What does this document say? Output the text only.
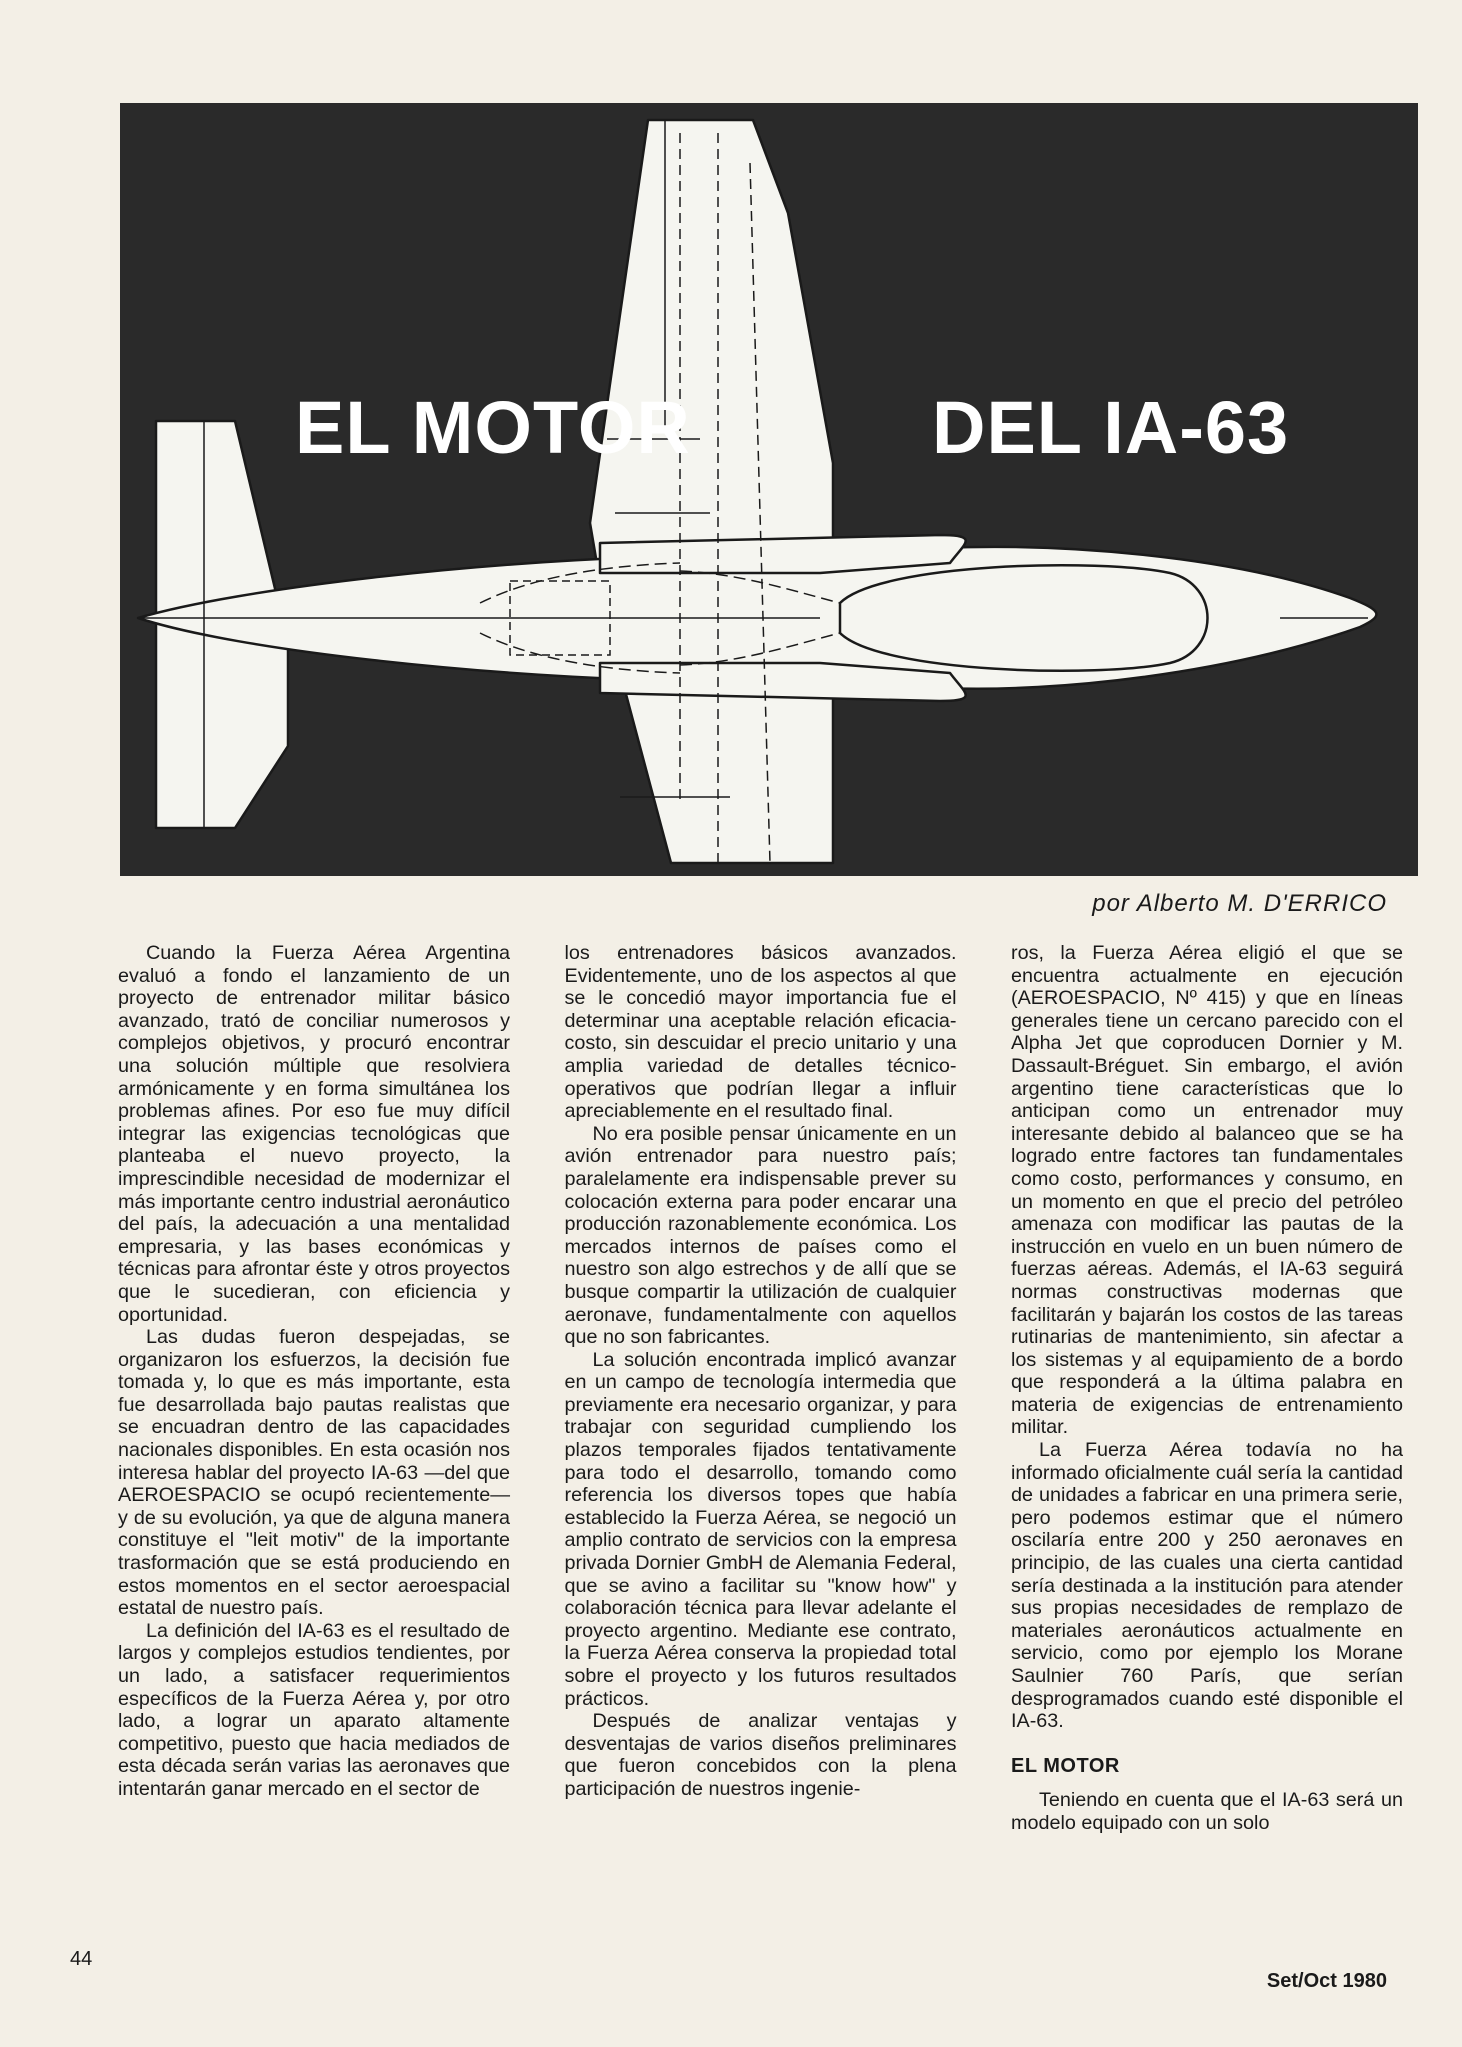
EL MOTOR	DEL IA-63
por Alberto M. D'ERRICO

Cuando la Fuerza Aérea Argentina evaluó a fondo el lanzamiento de un proyecto de entrenador militar básico avanzado, trató de conciliar numerosos y complejos objetivos, y procuró encontrar una solución múltiple que resolviera armónicamente y en forma simultánea los problemas afines. Por eso fue muy difícil integrar las exigencias tecnológicas que planteaba el nuevo proyecto, la imprescindible necesidad de modernizar el más importante centro industrial aeronáutico del país, la adecuación a una mentalidad empresaria, y las bases económicas y técnicas para afrontar éste y otros proyectos que le sucedieran, con eficiencia y oportunidad.

Las dudas fueron despejadas, se organizaron los esfuerzos, la decisión fue tomada y, lo que es más importante, esta fue desarrollada bajo pautas realistas que se encuadran dentro de las capacidades nacionales disponibles. En esta ocasión nos interesa hablar del proyecto IA-63 —del que AEROESPACIO se ocupó recientemente— y de su evolución, ya que de alguna manera constituye el "leit motiv" de la importante trasformación que se está produciendo en estos momentos en el sector aeroespacial estatal de nuestro país.

La definición del IA-63 es el resultado de largos y complejos estudios tendientes, por un lado, a satisfacer requerimientos específicos de la Fuerza Aérea y, por otro lado, a lograr un aparato altamente competitivo, puesto que hacia mediados de esta década serán varias las aeronaves que intentarán ganar mercado en el sector de

los entrenadores básicos avanzados. Evidentemente, uno de los aspectos al que se le concedió mayor importancia fue el determinar una aceptable relación eficacia-costo, sin descuidar el precio unitario y una amplia variedad de detalles técnico-operativos que podrían llegar a influir apreciablemente en el resultado final.

No era posible pensar únicamente en un avión entrenador para nuestro país; paralelamente era indispensable prever su colocación externa para poder encarar una producción razonablemente económica. Los mercados internos de países como el nuestro son algo estrechos y de allí que se busque compartir la utilización de cualquier aeronave, fundamentalmente con aquellos que no son fabricantes.

La solución encontrada implicó avanzar en un campo de tecnología intermedia que previamente era necesario organizar, y para trabajar con seguridad cumpliendo los plazos temporales fijados tentativamente para todo el desarrollo, tomando como referencia los diversos topes que había establecido la Fuerza Aérea, se negoció un amplio contrato de servicios con la empresa privada Dornier GmbH de Alemania Federal, que se avino a facilitar su "know how" y colaboración técnica para llevar adelante el proyecto argentino. Mediante ese contrato, la Fuerza Aérea conserva la propiedad total sobre el proyecto y los futuros resultados prácticos.

Después de analizar ventajas y desventajas de varios diseños preliminares que fueron concebidos con la plena participación de nuestros ingenie-

ros, la Fuerza Aérea eligió el que se encuentra actualmente en ejecución (AEROESPACIO, Nº 415) y que en líneas generales tiene un cercano parecido con el Alpha Jet que coproducen Dornier y M. Dassault-Bréguet. Sin embargo, el avión argentino tiene características que lo anticipan como un entrenador muy interesante debido al balanceo que se ha logrado entre factores tan fundamentales como costo, performances y consumo, en un momento en que el precio del petróleo amenaza con modificar las pautas de la instrucción en vuelo en un buen número de fuerzas aéreas. Además, el IA-63 seguirá normas constructivas modernas que facilitarán y bajarán los costos de las tareas rutinarias de mantenimiento, sin afectar a los sistemas y al equipamiento de a bordo que responderá a la última palabra en materia de exigencias de entrenamiento militar.

La Fuerza Aérea todavía no ha informado oficialmente cuál sería la cantidad de unidades a fabricar en una primera serie, pero podemos estimar que el número oscilaría entre 200 y 250 aeronaves en principio, de las cuales una cierta cantidad sería destinada a la institución para atender sus propias necesidades de remplazo de materiales aeronáuticos actualmente en servicio, como por ejemplo los Morane Saulnier 760 París, que serían desprogramados cuando esté disponible el IA-63.

EL MOTOR

Teniendo en cuenta que el IA-63 será un modelo equipado con un solo

44
Set/Oct 1980
